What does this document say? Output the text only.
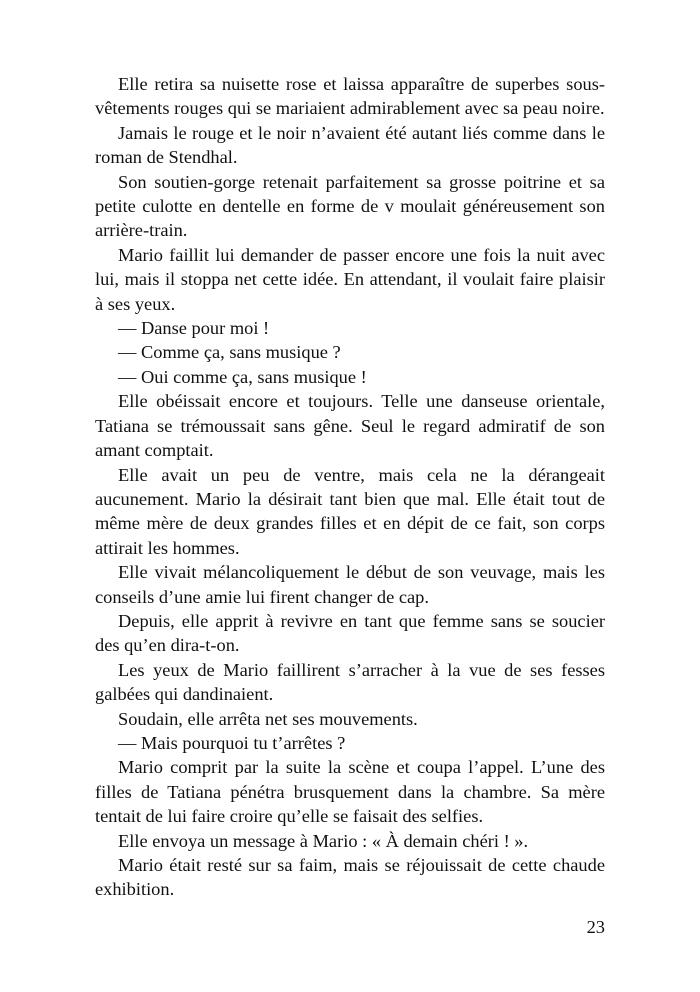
Elle retira sa nuisette rose et laissa apparaître de superbes sous-vêtements rouges qui se mariaient admirablement avec sa peau noire.

Jamais le rouge et le noir n’avaient été autant liés comme dans le roman de Stendhal.

Son soutien-gorge retenait parfaitement sa grosse poitrine et sa petite culotte en dentelle en forme de v moulait généreusement son arrière-train.

Mario faillit lui demander de passer encore une fois la nuit avec lui, mais il stoppa net cette idée. En attendant, il voulait faire plaisir à ses yeux.

— Danse pour moi !

— Comme ça, sans musique ?

— Oui comme ça, sans musique !

Elle obéissait encore et toujours. Telle une danseuse orientale, Tatiana se trémoussait sans gêne. Seul le regard admiratif de son amant comptait.

Elle avait un peu de ventre, mais cela ne la dérangeait aucunement. Mario la désirait tant bien que mal. Elle était tout de même mère de deux grandes filles et en dépit de ce fait, son corps attirait les hommes.

Elle vivait mélancoliquement le début de son veuvage, mais les conseils d’une amie lui firent changer de cap.

Depuis, elle apprit à revivre en tant que femme sans se soucier des qu’en dira-t-on.

Les yeux de Mario faillirent s’arracher à la vue de ses fesses galbées qui dandinaient.

Soudain, elle arrêta net ses mouvements.

— Mais pourquoi tu t’arrêtes ?

Mario comprit par la suite la scène et coupa l’appel. L’une des filles de Tatiana pénétra brusquement dans la chambre. Sa mère tentait de lui faire croire qu’elle se faisait des selfies.

Elle envoya un message à Mario : « À demain chéri ! ».

Mario était resté sur sa faim, mais se réjouissait de cette chaude exhibition.

23
